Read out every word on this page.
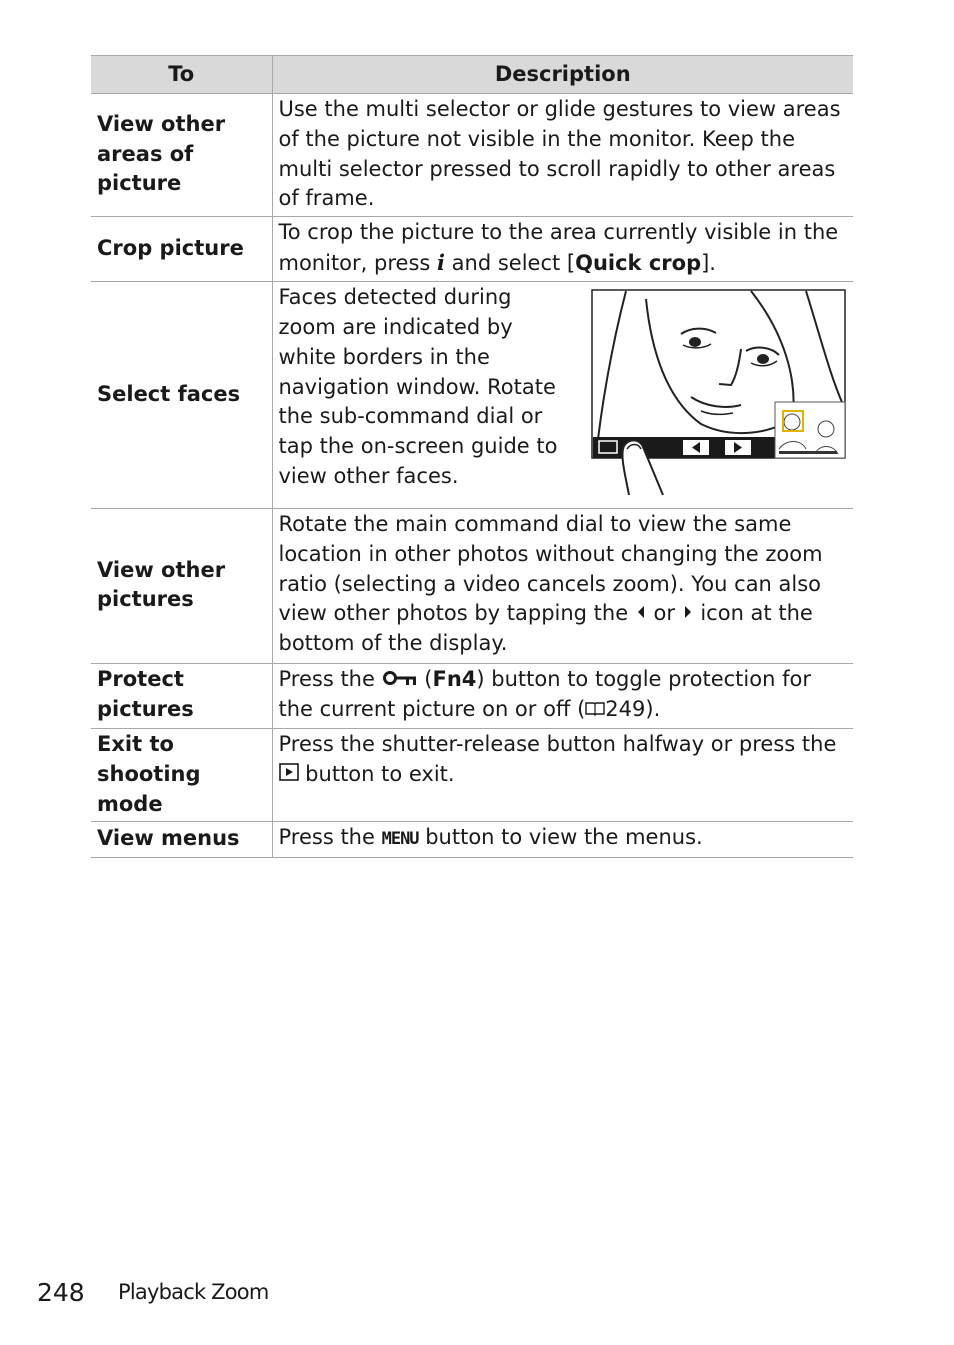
To	Description
View other areas of picture	Use the multi selector or glide gestures to view areas of the picture not visible in the monitor. Keep the multi selector pressed to scroll rapidly to other areas of frame.
Crop picture	To crop the picture to the area currently visible in the monitor, press i and select [Quick crop].
Select faces	Faces detected during zoom are indicated by white borders in the navigation window. Rotate the sub-command dial or tap the on-screen guide to view other faces.

View other pictures	Rotate the main command dial to view the same location in other photos without changing the zoom ratio (selecting a video cancels zoom). You can also view other photos by tapping the  or  icon at the bottom of the display.
Protect pictures	Press the  (Fn4) button to toggle protection for the current picture on or off ( 249).
Exit to shooting mode	Press the shutter-release button halfway or press the  button to exit.
View menus	Press the MENU button to view the menus.
248 Playback Zoom
